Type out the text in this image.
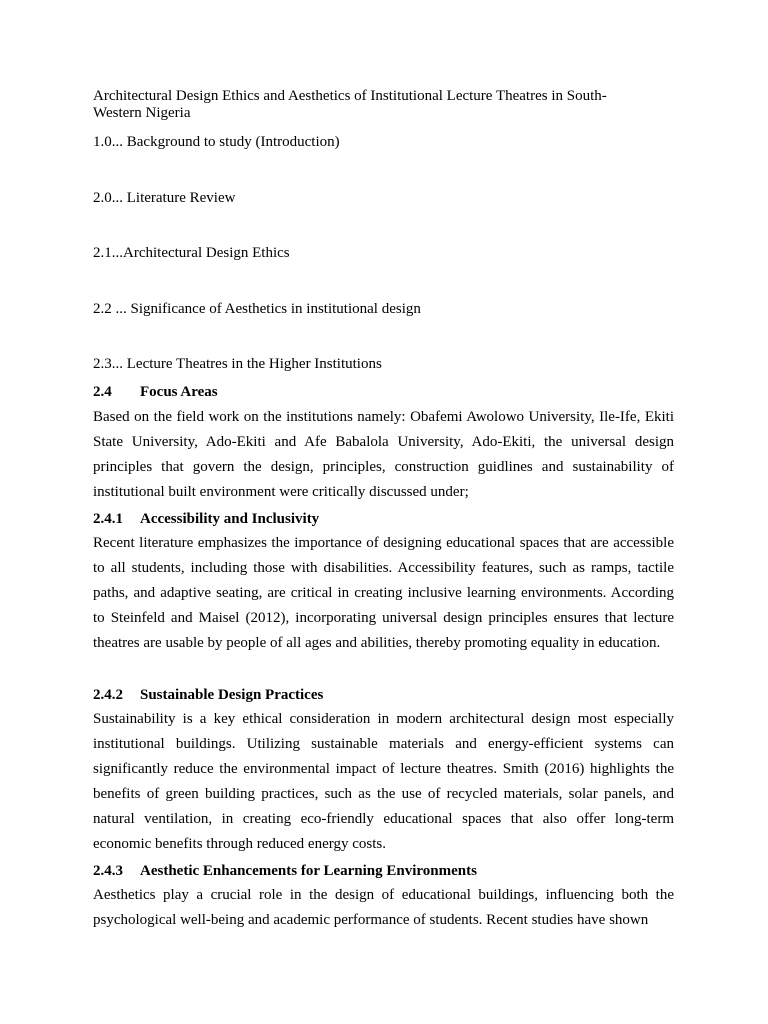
Architectural Design Ethics and Aesthetics of Institutional Lecture Theatres in South-Western Nigeria

1.0... Background to study (Introduction)

2.0... Literature Review

2.1...Architectural Design Ethics

2.2 ... Significance of Aesthetics in institutional design

2.3... Lecture Theatres in the Higher Institutions

2.4 Focus Areas

Based on the field work on the institutions namely: Obafemi Awolowo University, Ile-Ife, Ekiti State University, Ado-Ekiti and Afe Babalola University, Ado-Ekiti, the universal design principles that govern the design, principles, construction guidlines and sustainability of institutional built environment were critically discussed under;

2.4.1 Accessibility and Inclusivity

Recent literature emphasizes the importance of designing educational spaces that are accessible to all students, including those with disabilities. Accessibility features, such as ramps, tactile paths, and adaptive seating, are critical in creating inclusive learning environments. According to Steinfeld and Maisel (2012), incorporating universal design principles ensures that lecture theatres are usable by people of all ages and abilities, thereby promoting equality in education.

2.4.2 Sustainable Design Practices

Sustainability is a key ethical consideration in modern architectural design most especially institutional buildings. Utilizing sustainable materials and energy-efficient systems can significantly reduce the environmental impact of lecture theatres. Smith (2016) highlights the benefits of green building practices, such as the use of recycled materials, solar panels, and natural ventilation, in creating eco-friendly educational spaces that also offer long-term economic benefits through reduced energy costs.

2.4.3 Aesthetic Enhancements for Learning Environments

Aesthetics play a crucial role in the design of educational buildings, influencing both the psychological well-being and academic performance of students. Recent studies have shown
